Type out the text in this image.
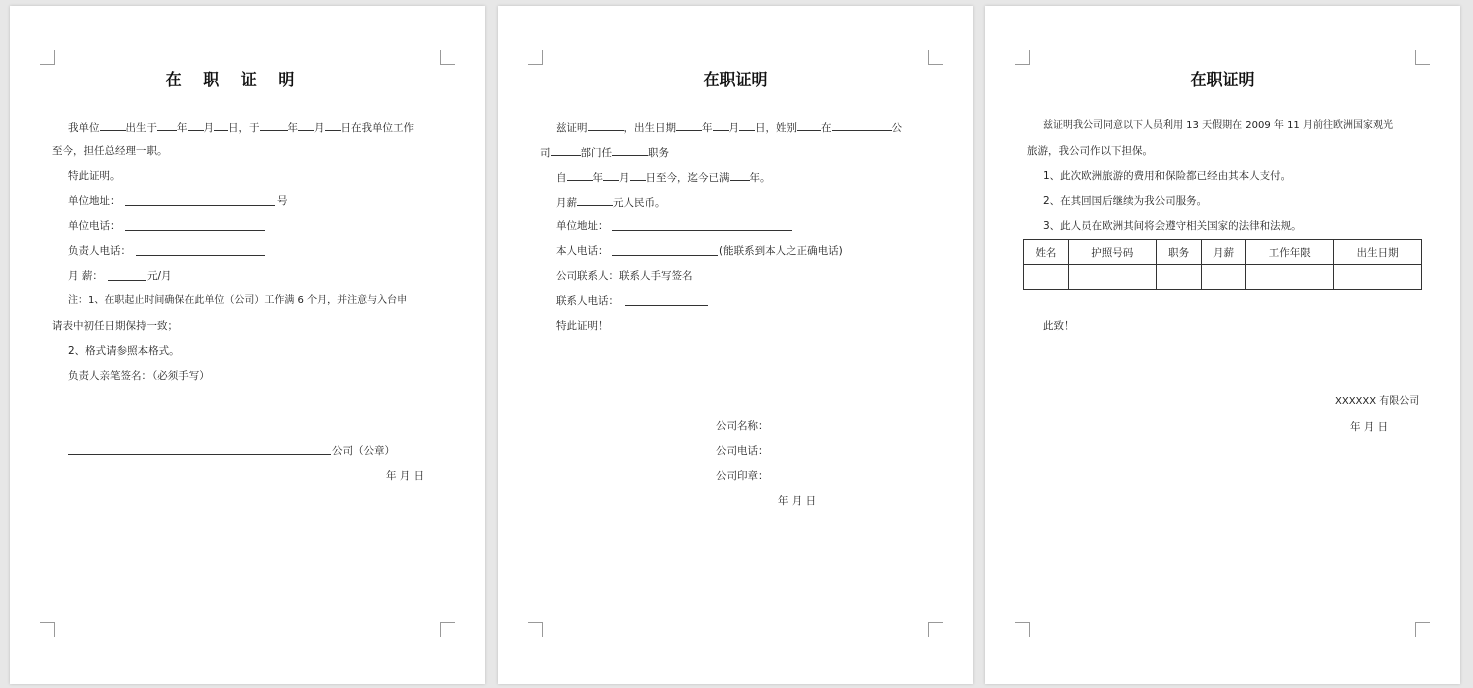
在 职 证 明
我单位 出生于 年 月 日，于	年 月 日在我单位工作
至今，担任总经理一职。
特此证明。
单位地址：	号
单位电话：
负责人电话：
月 薪：	元/月
注：1、在职起止时间确保在此单位（公司）工作满 6 个月，并注意与入台申
请表中初任日期保持一致；
2、格式请参照本格式。
负责人亲笔签名：（必须手写）
公司（公章）
年 月 日
在职证明
兹证明	，出生日期 年 月 日，姓别 在	公
司	部门任	职务
自 年 月 日至今，迄今已满 年。
月薪	元人民币。
单位地址：
本人电话：	(能联系到本人之正确电话)
公司联系人：联系人手写签名
联系人电话：
特此证明！
公司名称：
公司电话：
公司印章：
年 月 日
在职证明
兹证明我公司同意以下人员利用 13 天假期在 2009 年 11 月前往欧洲国家观光
旅游，我公司作以下担保。
1、此次欧洲旅游的费用和保险都已经由其本人支付。
2、在其回国后继续为我公司服务。
3、此人员在欧洲其间将会遵守相关国家的法律和法规。
姓名	护照号码	职务	月薪	工作年限	出生日期

此致！
XXXXXX 有限公司
年 月 日
